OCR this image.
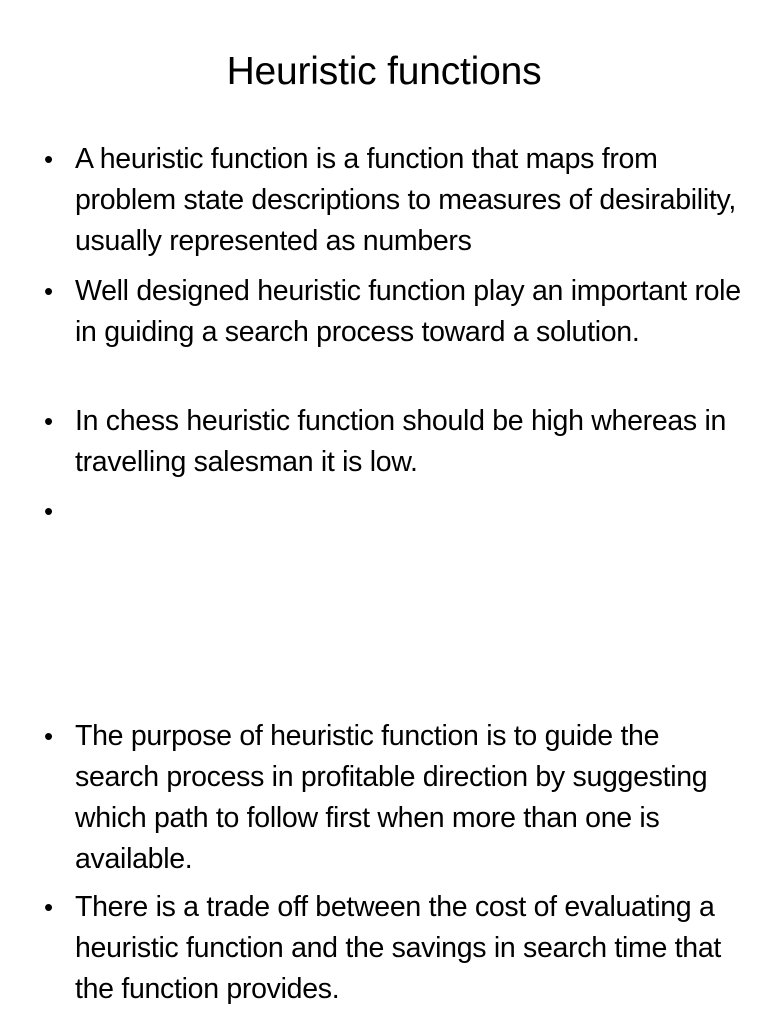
Heuristic functions
• A heuristic function is a function that maps from problem state descriptions to measures of desirability, usually represented as numbers
• Well designed heuristic function play an important role in guiding a search process toward a solution.
• In chess heuristic function should be high whereas in travelling salesman it is low.
•
• The purpose of heuristic function is to guide the search process in profitable direction by suggesting which path to follow first when more than one is available.
• There is a trade off between the cost of evaluating a heuristic function and the savings in search time that the function provides.
